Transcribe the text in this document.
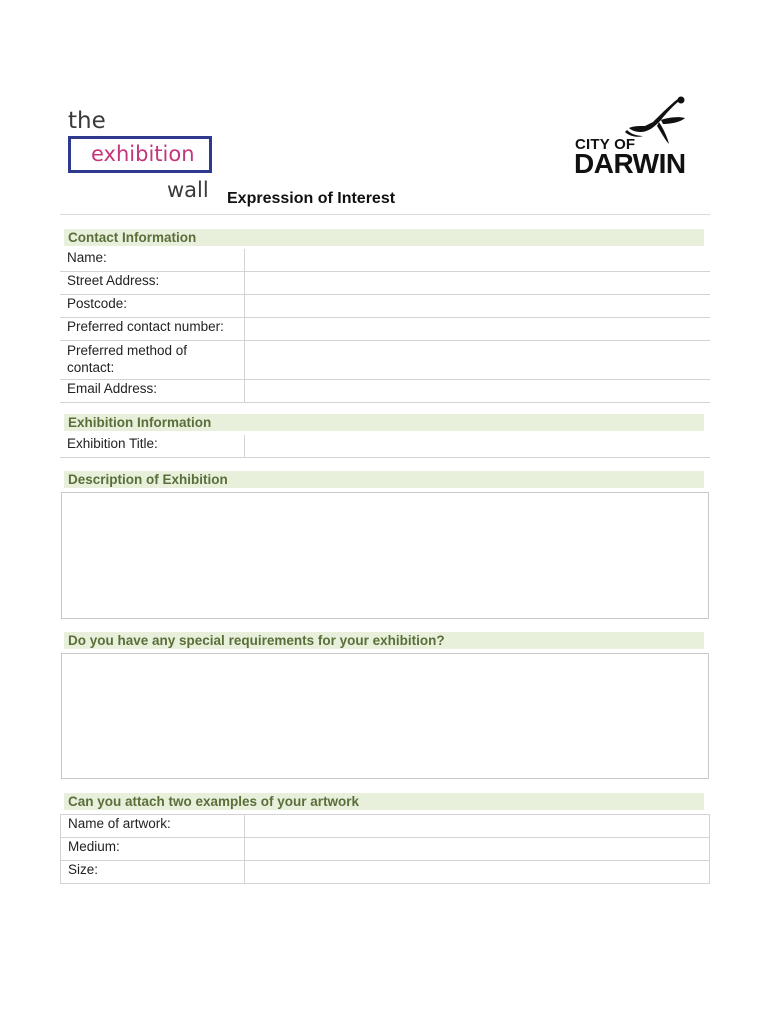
the
exhibition
wall
CITY OF
DARWIN
Expression of Interest
Contact Information
Name:	
Street Address:	
Postcode:	
Preferred contact number:	
Preferred method of contact:	
Email Address:	
Exhibition Information
Exhibition Title:	
Description of Exhibition
Do you have any special requirements for your exhibition?
Can you attach two examples of your artwork
Name of artwork:	
Medium:	
Size:	
